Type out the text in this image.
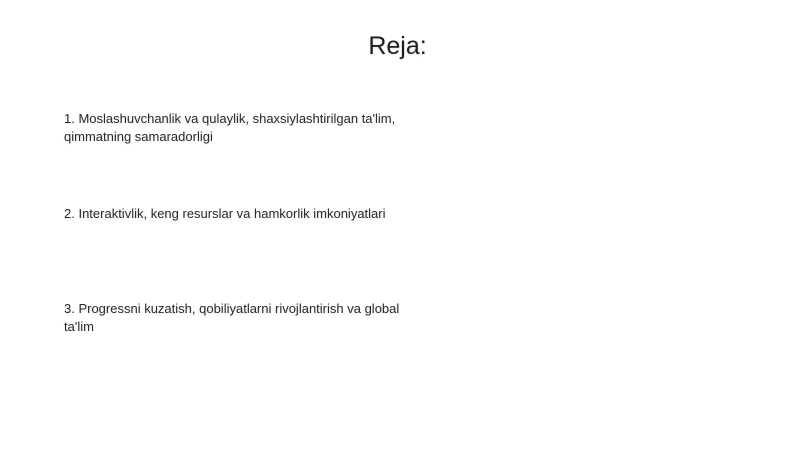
Reja:
1. Moslashuvchanlik va qulaylik, shaxsiylashtirilgan ta'lim, qimmatning samaradorligi
2. Interaktivlik, keng resurslar va hamkorlik imkoniyatlari
3. Progressni kuzatish, qobiliyatlarni rivojlantirish va global ta'lim
